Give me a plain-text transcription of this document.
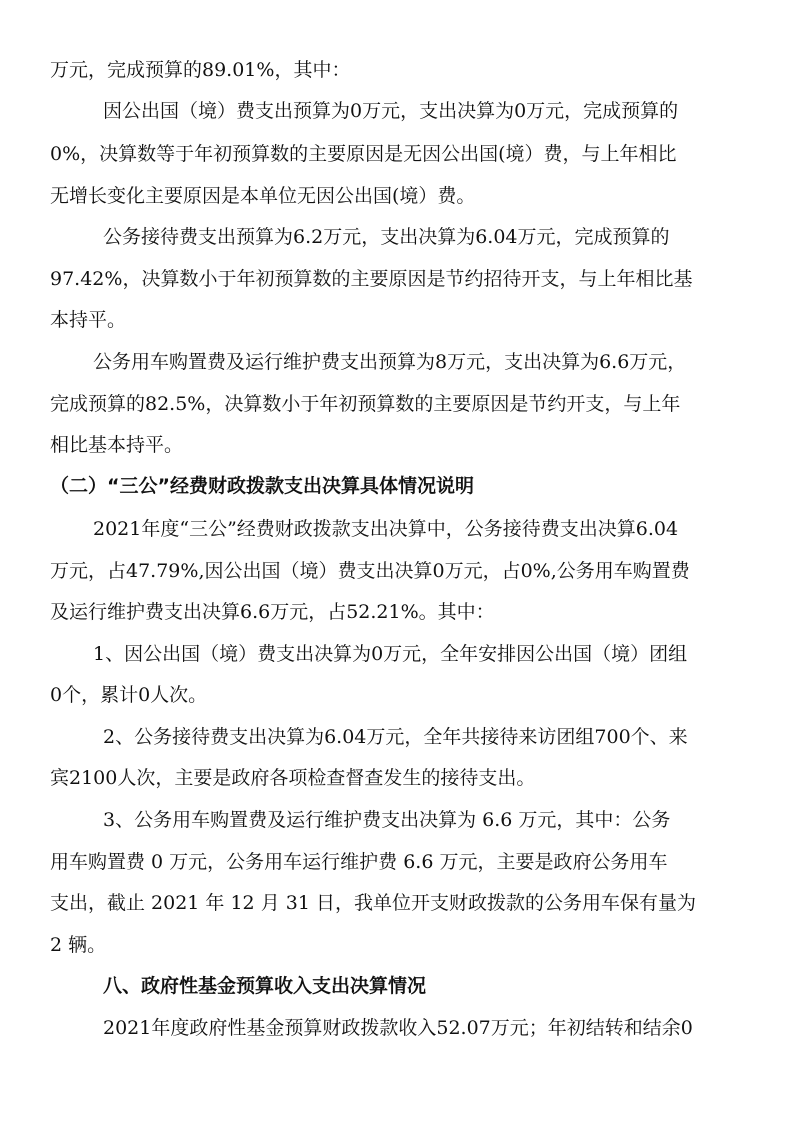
万元，完成预算的89.01%，其中：
因公出国（境）费支出预算为0万元，支出决算为0万元，完成预算的
0%，决算数等于年初预算数的主要原因是无因公出国(境）费，与上年相比
无增长变化主要原因是本单位无因公出国(境）费。
公务接待费支出预算为6.2万元，支出决算为6.04万元，完成预算的
97.42%，决算数小于年初预算数的主要原因是节约招待开支，与上年相比基
本持平。
公务用车购置费及运行维护费支出预算为8万元，支出决算为6.6万元，
完成预算的82.5%，决算数小于年初预算数的主要原因是节约开支，与上年
相比基本持平。
（二）“三公”经费财政拨款支出决算具体情况说明
2021年度“三公”经费财政拨款支出决算中，公务接待费支出决算6.04
万元，占47.79%,因公出国（境）费支出决算0万元，占0%,公务用车购置费
及运行维护费支出决算6.6万元，占52.21%。其中：
1、因公出国（境）费支出决算为0万元，全年安排因公出国（境）团组
0个，累计0人次。
2、公务接待费支出决算为6.04万元，全年共接待来访团组700个、来
宾2100人次，主要是政府各项检查督查发生的接待支出。
3、公务用车购置费及运行维护费支出决算为 6.6 万元，其中：公务
用车购置费 0 万元，公务用车运行维护费 6.6 万元，主要是政府公务用车
支出，截止 2021 年 12 月 31 日，我单位开支财政拨款的公务用车保有量为
2 辆。
八、政府性基金预算收入支出决算情况
2021年度政府性基金预算财政拨款收入52.07万元；年初结转和结余0
